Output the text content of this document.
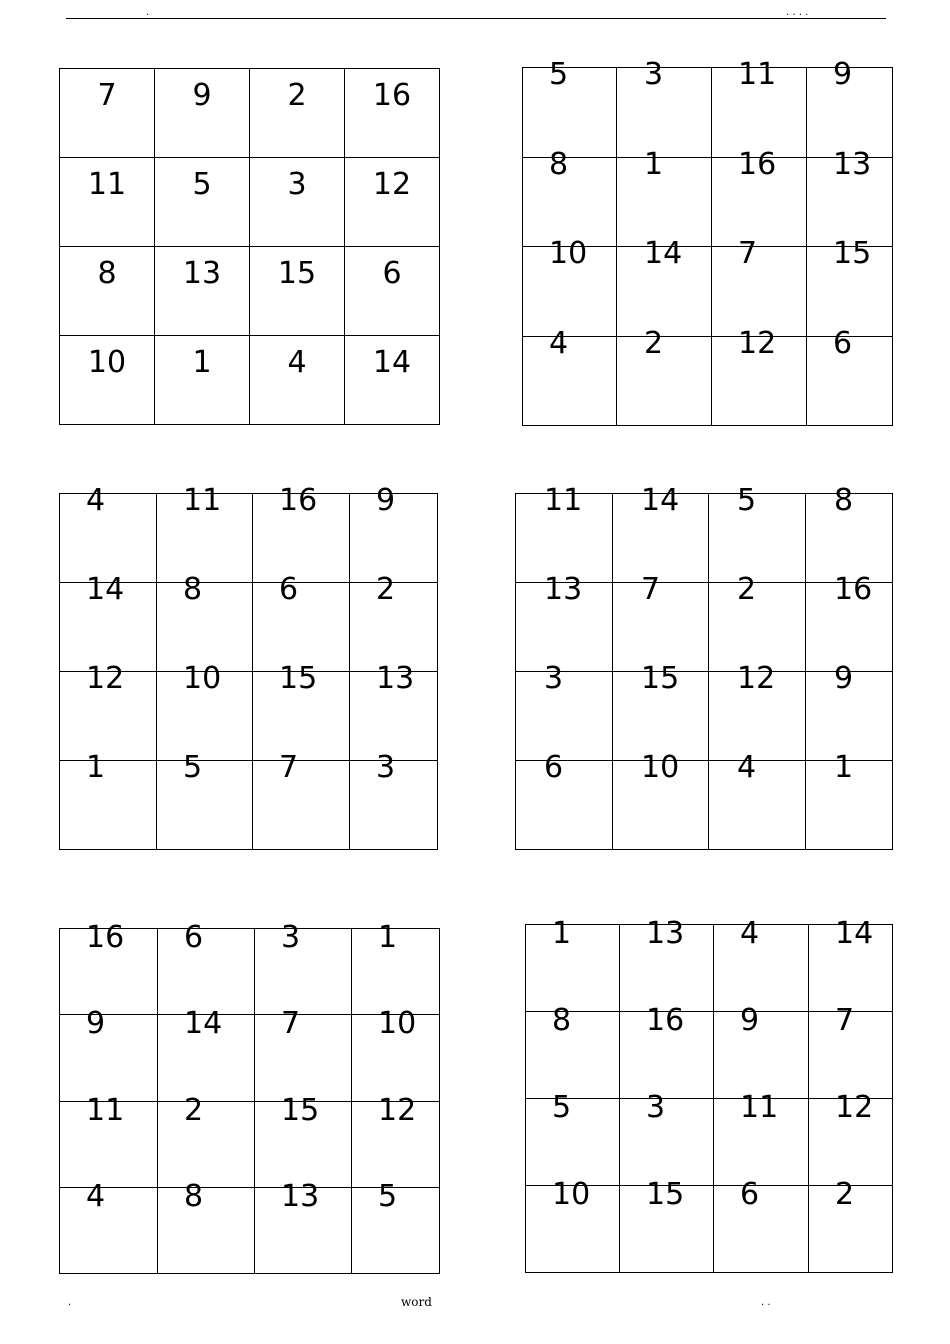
.	. . . .
7	9	2	16

11	5	3	12

8	13	15	6

10	1	4	14
5	3	11	9

8	1	16	13

10	14	7	15

4	2	12	6
4	11	16	9

14	8	6	2

12	10	15	13

1	5	7	3
11	14	5	8

13	7	2	16

3	15	12	9

6	10	4	1
16	6	3	1

9	14	7	10

11	2	15	12

4	8	13	5
1	13	4	14

8	16	9	7

5	3	11	12

10	15	6	2
.	word	. .
